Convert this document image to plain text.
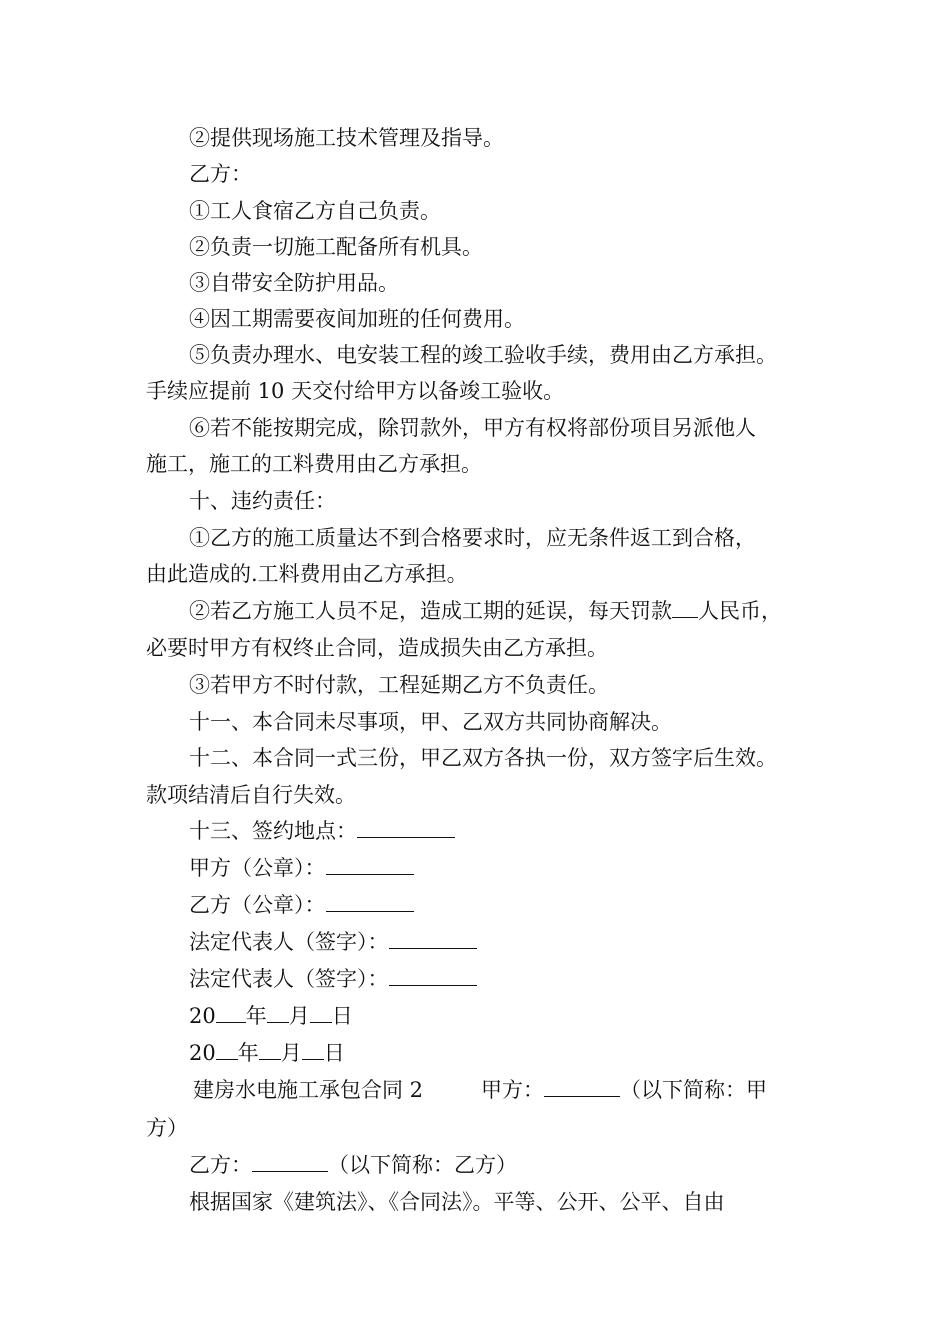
②提供现场施工技术管理及指导。
乙方：
①工人食宿乙方自己负责。
②负责一切施工配备所有机具。
③自带安全防护用品。
④因工期需要夜间加班的任何费用。
⑤负责办理水、电安装工程的竣工验收手续，费用由乙方承担。
手续应提前 10 天交付给甲方以备竣工验收。
⑥若不能按期完成，除罚款外，甲方有权将部份项目另派他人
施工，施工的工料费用由乙方承担。
十、违约责任：
①乙方的施工质量达不到合格要求时，应无条件返工到合格，
由此造成的.工料费用由乙方承担。
②若乙方施工人员不足，造成工期的延误，每天罚款 人民币，
必要时甲方有权终止合同，造成损失由乙方承担。
③若甲方不时付款，工程延期乙方不负责任。
十一、本合同未尽事项，甲、乙双方共同协商解决。
十二、本合同一式三份，甲乙双方各执一份，双方签字后生效。
款项结清后自行失效。
十三、签约地点：
甲方（公章）：
乙方（公章）：
法定代表人（签字）：
法定代表人（签字）：
20 年 月 日
20 年 月 日
建房水电施工承包合同 2	甲方：	（以下简称：甲
方）
乙方：	（以下简称：乙方）
根据国家《建筑法》、《合同法》。平等、公开、公平、自由
